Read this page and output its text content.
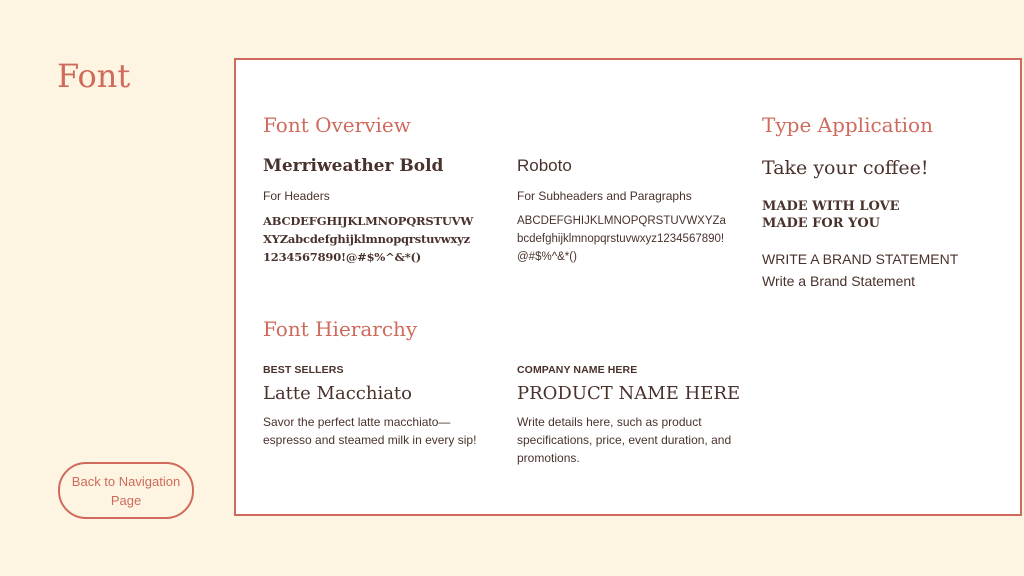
Font
Back to Navigation Page
Font Overview
Merriweather Bold
For Headers
ABCDEFGHIJKLMNOPQRSTUVWXYZabcdefghijklmnopqrstuvwxyz1234567890!@#$%^&*()
Roboto
For Subheaders and Paragraphs
ABCDEFGHIJKLMNOPQRSTUVWXYZabcdefghijklmnopqrstuvwxyz1234567890!@#$%^&*()
Type Application
Take your coffee!
MADE WITH LOVE
MADE FOR YOU
WRITE A BRAND STATEMENT
Write a Brand Statement
Font Hierarchy
BEST SELLERS
Latte Macchiato
Savor the perfect latte macchiato—espresso and steamed milk in every sip!
COMPANY NAME HERE
PRODUCT NAME HERE
Write details here, such as product specifications, price, event duration, and promotions.
